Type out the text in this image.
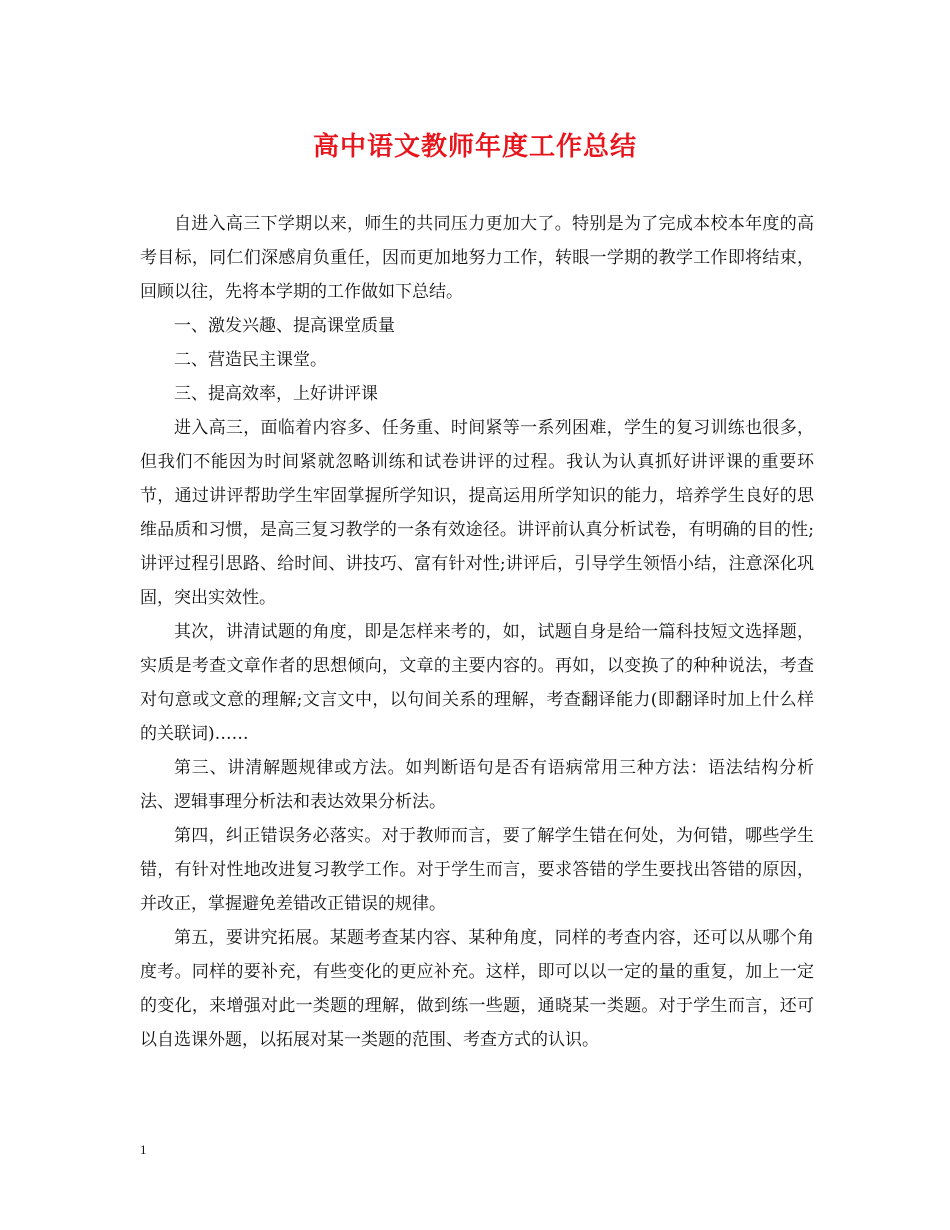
高中语文教师年度工作总结

自进入高三下学期以来，师生的共同压力更加大了。特别是为了完成本校本年度的高考目标，同仁们深感肩负重任，因而更加地努力工作，转眼一学期的教学工作即将结束，回顾以往，先将本学期的工作做如下总结。

一、激发兴趣、提高课堂质量

二、营造民主课堂。

三、提高效率，上好讲评课

进入高三，面临着内容多、任务重、时间紧等一系列困难，学生的复习训练也很多，但我们不能因为时间紧就忽略训练和试卷讲评的过程。我认为认真抓好讲评课的重要环节，通过讲评帮助学生牢固掌握所学知识，提高运用所学知识的能力，培养学生良好的思维品质和习惯，是高三复习教学的一条有效途径。讲评前认真分析试卷，有明确的目的性;讲评过程引思路、给时间、讲技巧、富有针对性;讲评后，引导学生领悟小结，注意深化巩固，突出实效性。

其次，讲清试题的角度，即是怎样来考的，如，试题自身是给一篇科技短文选择题，实质是考查文章作者的思想倾向，文章的主要内容的。再如，以变换了的种种说法，考查对句意或文意的理解;文言文中，以句间关系的理解，考查翻译能力(即翻译时加上什么样的关联词)……

第三、讲清解题规律或方法。如判断语句是否有语病常用三种方法：语法结构分析法、逻辑事理分析法和表达效果分析法。

第四，纠正错误务必落实。对于教师而言，要了解学生错在何处，为何错，哪些学生错，有针对性地改进复习教学工作。对于学生而言，要求答错的学生要找出答错的原因，并改正，掌握避免差错改正错误的规律。

第五，要讲究拓展。某题考查某内容、某种角度，同样的考查内容，还可以从哪个角度考。同样的要补充，有些变化的更应补充。这样，即可以以一定的量的重复，加上一定的变化，来增强对此一类题的理解，做到练一些题，通晓某一类题。对于学生而言，还可以自选课外题，以拓展对某一类题的范围、考查方式的认识。

1
